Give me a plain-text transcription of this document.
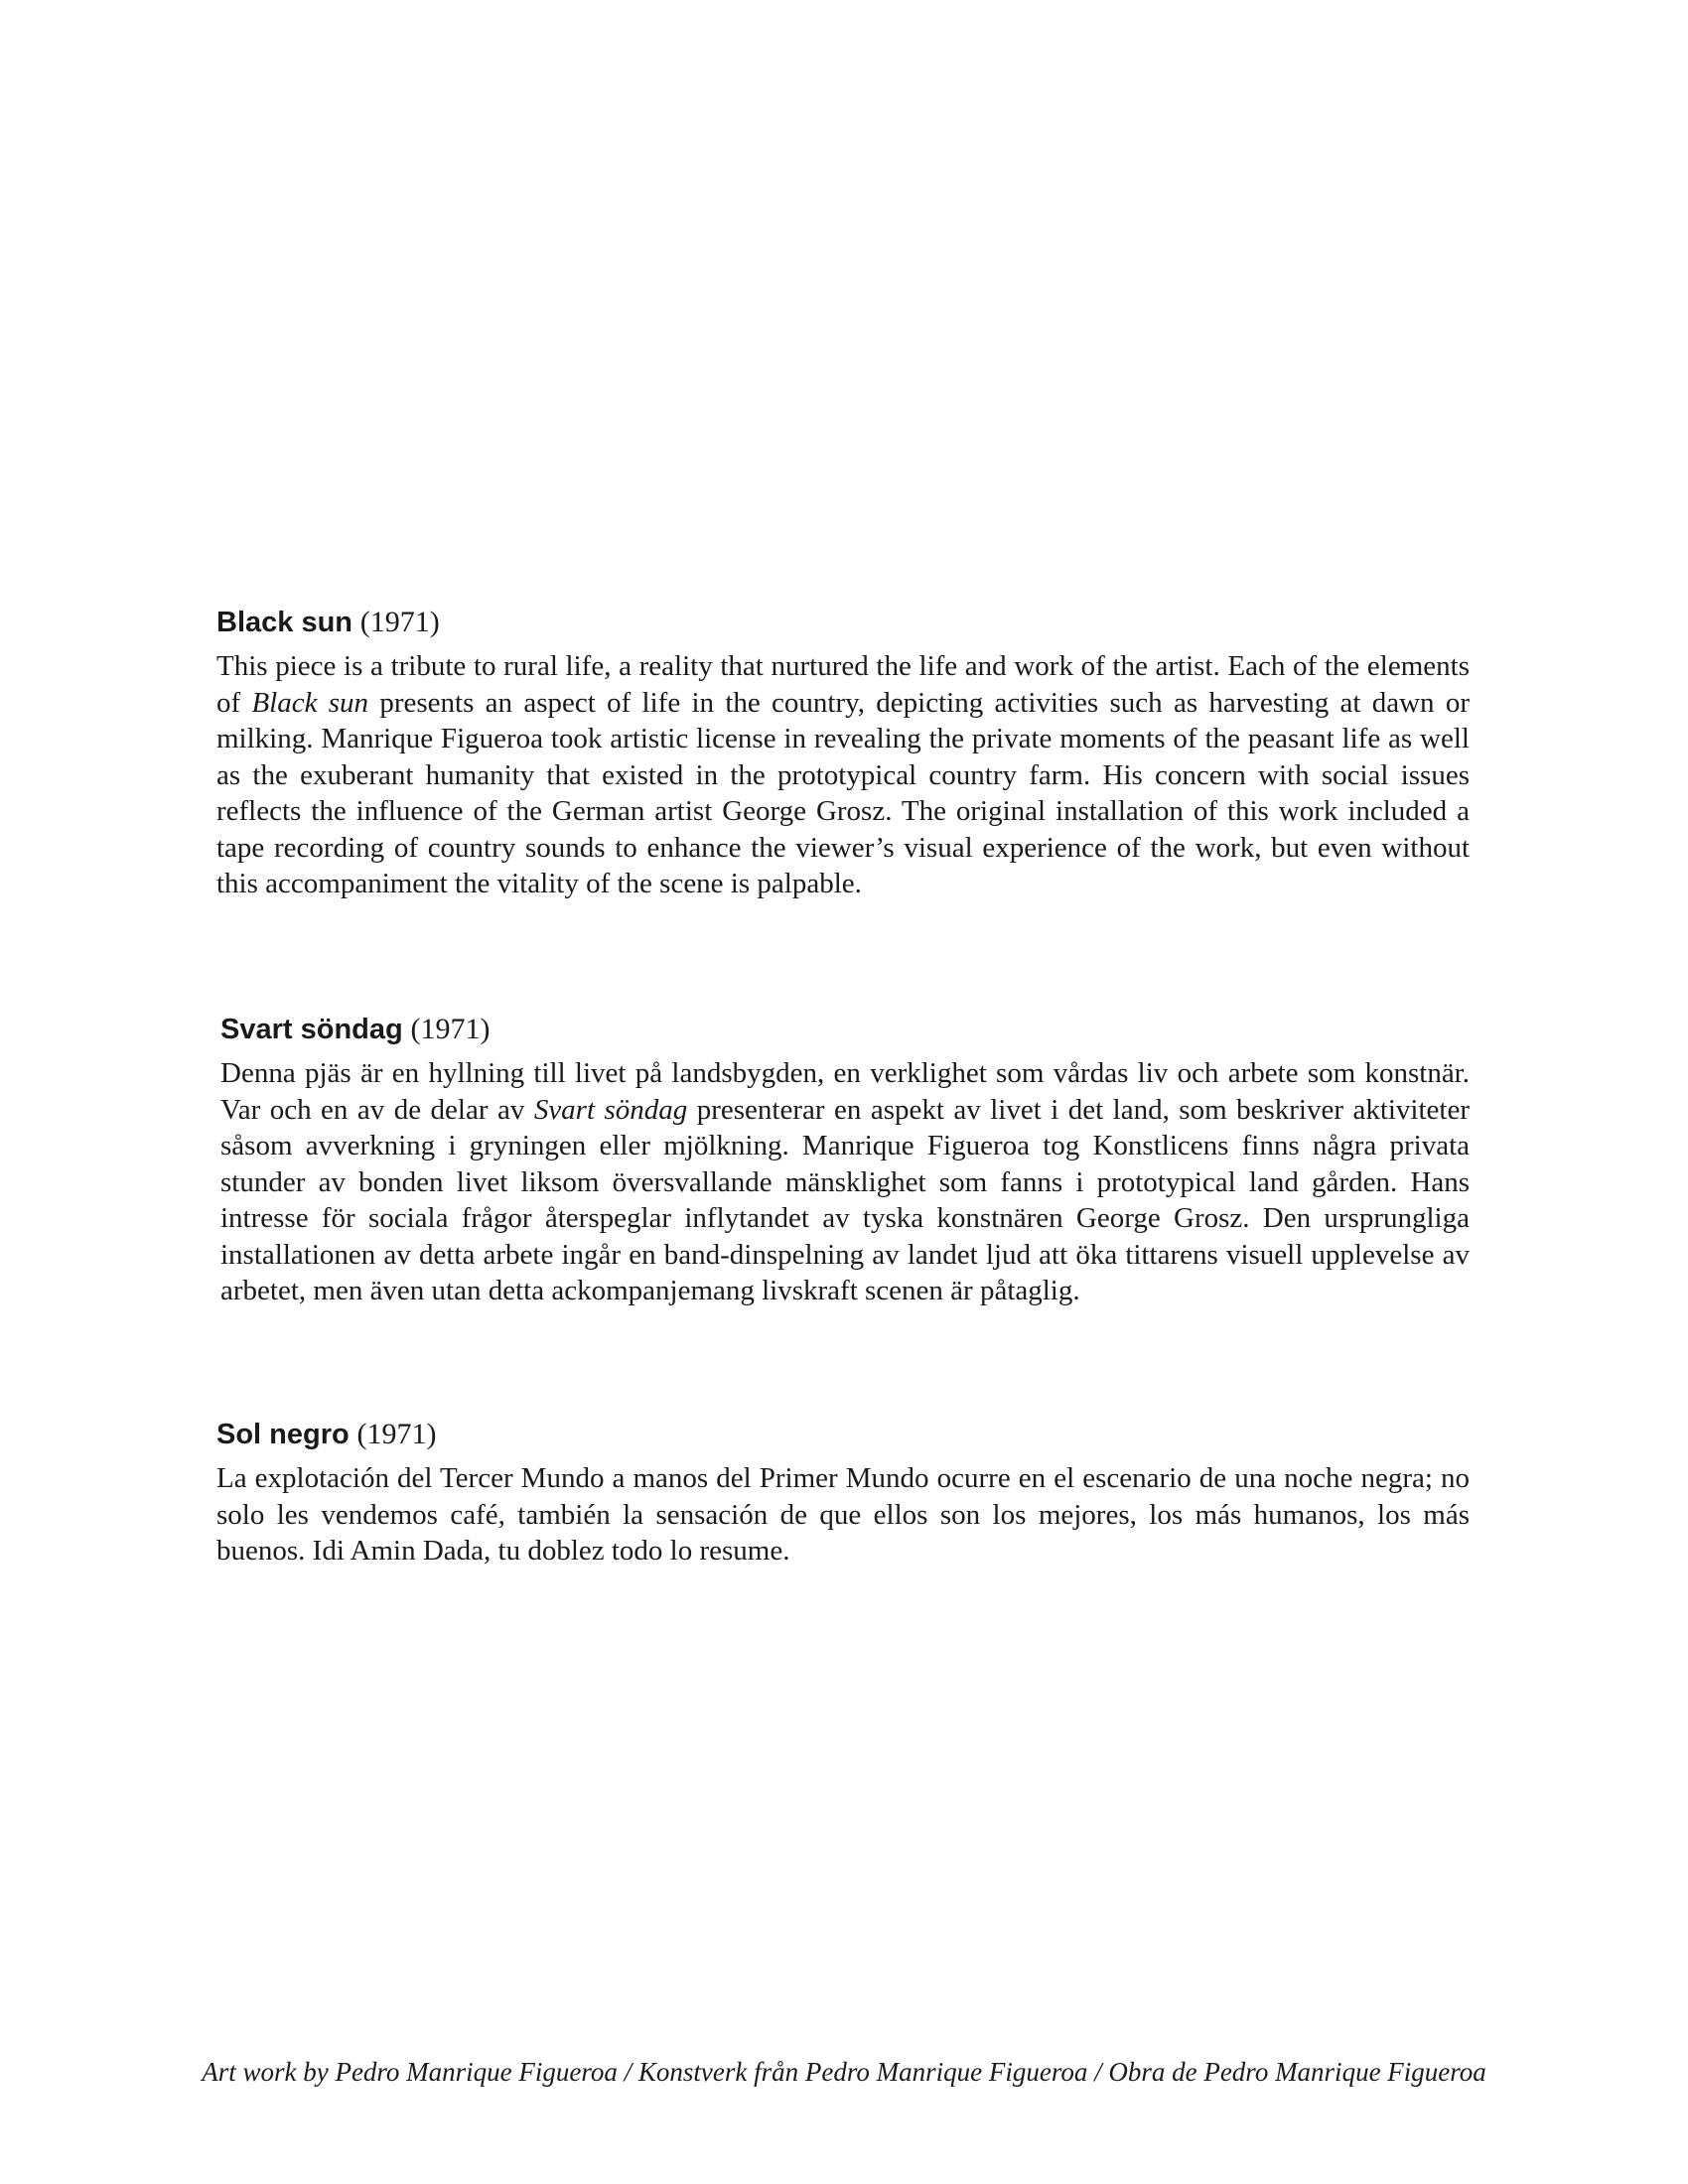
Black sun (1971)

This piece is a tribute to rural life, a reality that nurtured the life and work of the artist. Each of the elements of Black sun presents an aspect of life in the country, depicting activities such as harvesting at dawn or milking. Manrique Figueroa took artistic license in revealing the private moments of the peasant life as well as the exuberant humanity that existed in the prototypical country farm. His concern with social issues reflects the influence of the German artist George Grosz. The original installation of this work included a tape recording of country sounds to enhance the viewer’s visual experience of the work, but even without this accompaniment the vitality of the scene is palpable.

Svart söndag (1971)

Denna pjäs är en hyllning till livet på landsbygden, en verklighet som vårdas liv och arbete som konstnär. Var och en av de delar av Svart söndag presenterar en aspekt av livet i det land, som beskriver aktiviteter såsom avverkning i gryningen eller mjölkning. Manrique Figueroa tog Konstlicens finns några privata stunder av bonden livet liksom översvallande mänsklighet som fanns i prototypical land gården. Hans intresse för sociala frågor återspeglar inflytandet av tyska konstnären George Grosz. Den ursprungliga installationen av detta arbete ingår en band-dinspelning av landet ljud att öka tittarens visuell upplevelse av arbetet, men även utan detta ackompanjemang livskraft scenen är påtaglig.

Sol negro (1971)

La explotación del Tercer Mundo a manos del Primer Mundo ocurre en el escenario de una noche negra; no solo les vendemos café, también la sensación de que ellos son los mejores, los más humanos, los más buenos. Idi Amin Dada, tu doblez todo lo resume.

Art work by Pedro Manrique Figueroa / Konstverk från Pedro Manrique Figueroa / Obra de Pedro Manrique Figueroa
